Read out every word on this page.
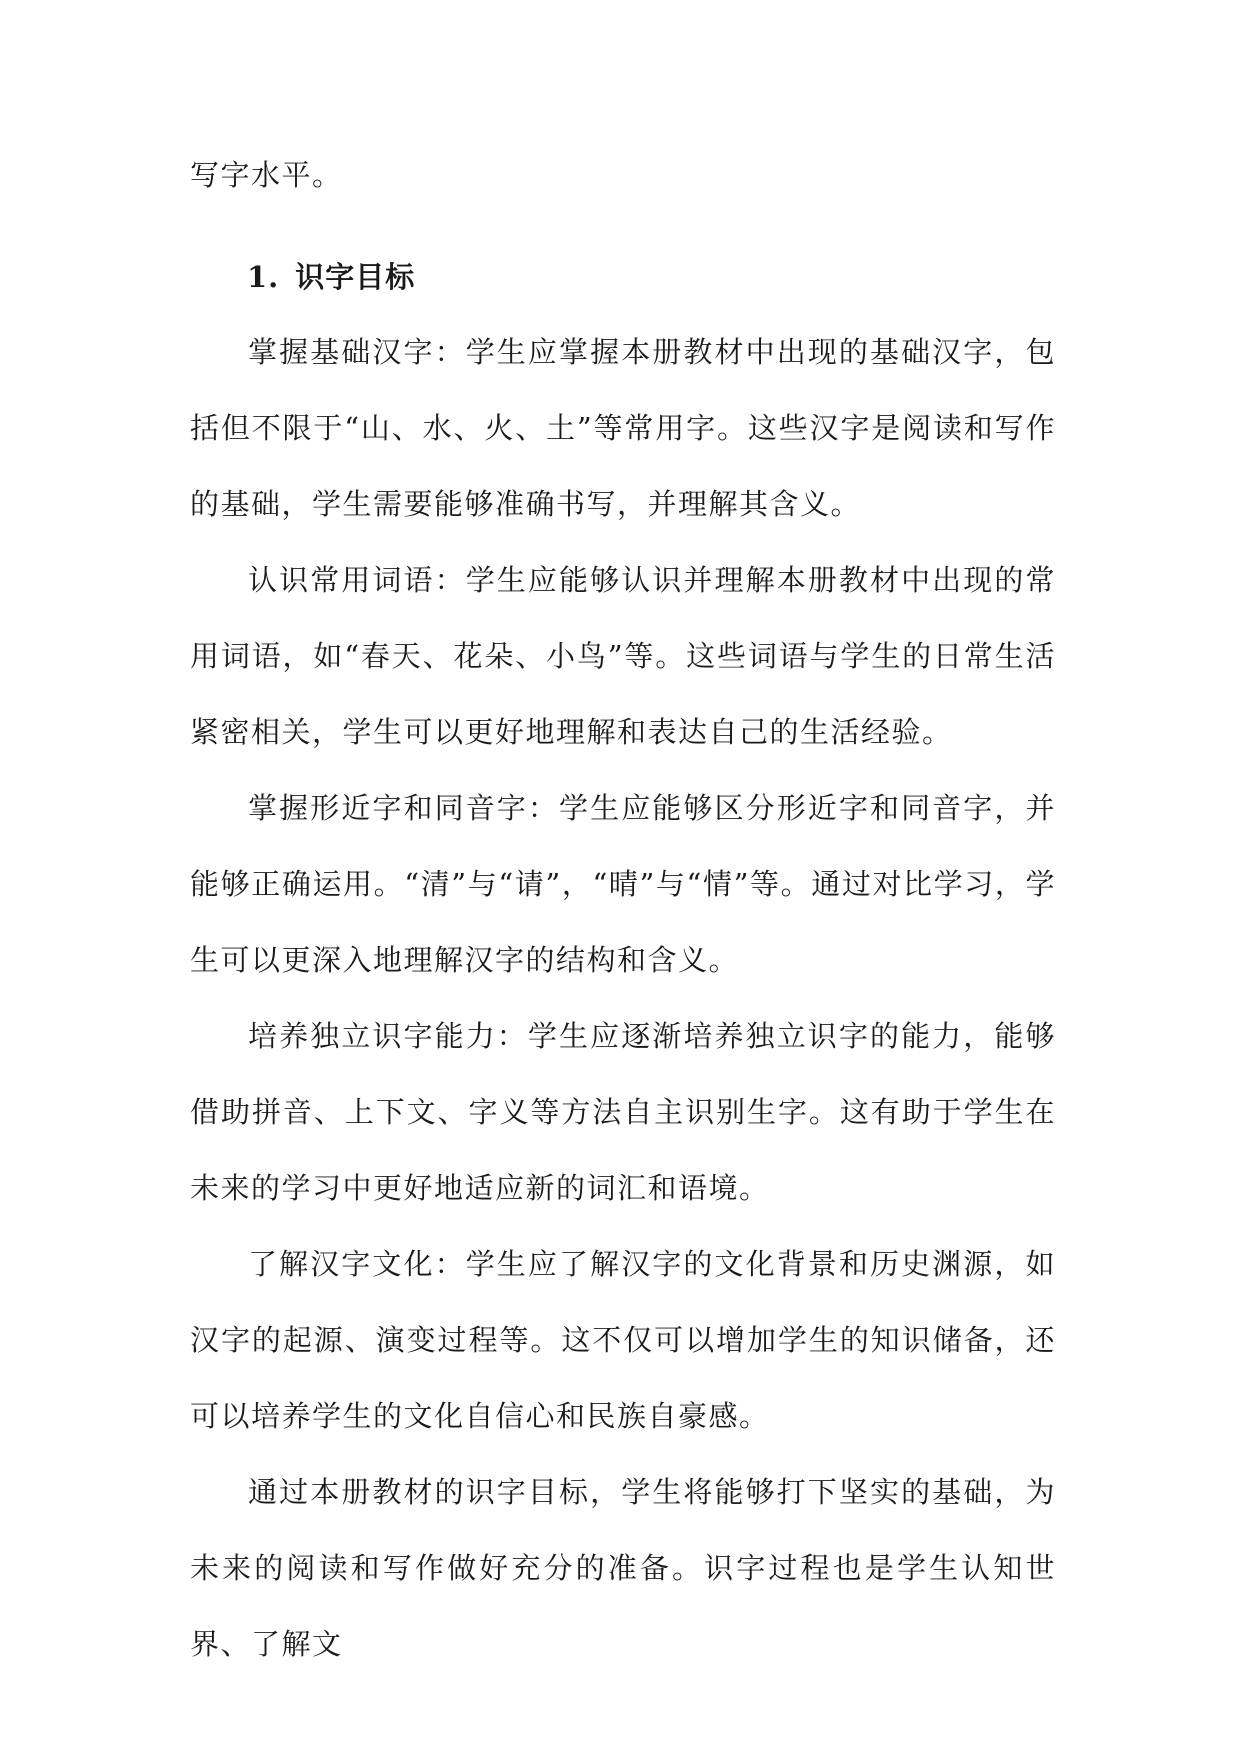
写字水平。

1. 识字目标

掌握基础汉字：学生应掌握本册教材中出现的基础汉字，包括但不限于“山、水、火、土”等常用字。这些汉字是阅读和写作的基础，学生需要能够准确书写，并理解其含义。

认识常用词语：学生应能够认识并理解本册教材中出现的常用词语，如“春天、花朵、小鸟”等。这些词语与学生的日常生活紧密相关，学生可以更好地理解和表达自己的生活经验。

掌握形近字和同音字：学生应能够区分形近字和同音字，并能够正确运用。“清”与“请”，“晴”与“情”等。通过对比学习，学生可以更深入地理解汉字的结构和含义。

培养独立识字能力：学生应逐渐培养独立识字的能力，能够借助拼音、上下文、字义等方法自主识别生字。这有助于学生在未来的学习中更好地适应新的词汇和语境。

了解汉字文化：学生应了解汉字的文化背景和历史渊源，如汉字的起源、演变过程等。这不仅可以增加学生的知识储备，还可以培养学生的文化自信心和民族自豪感。

通过本册教材的识字目标，学生将能够打下坚实的基础，为未来的阅读和写作做好充分的准备。识字过程也是学生认知世界、了解文
